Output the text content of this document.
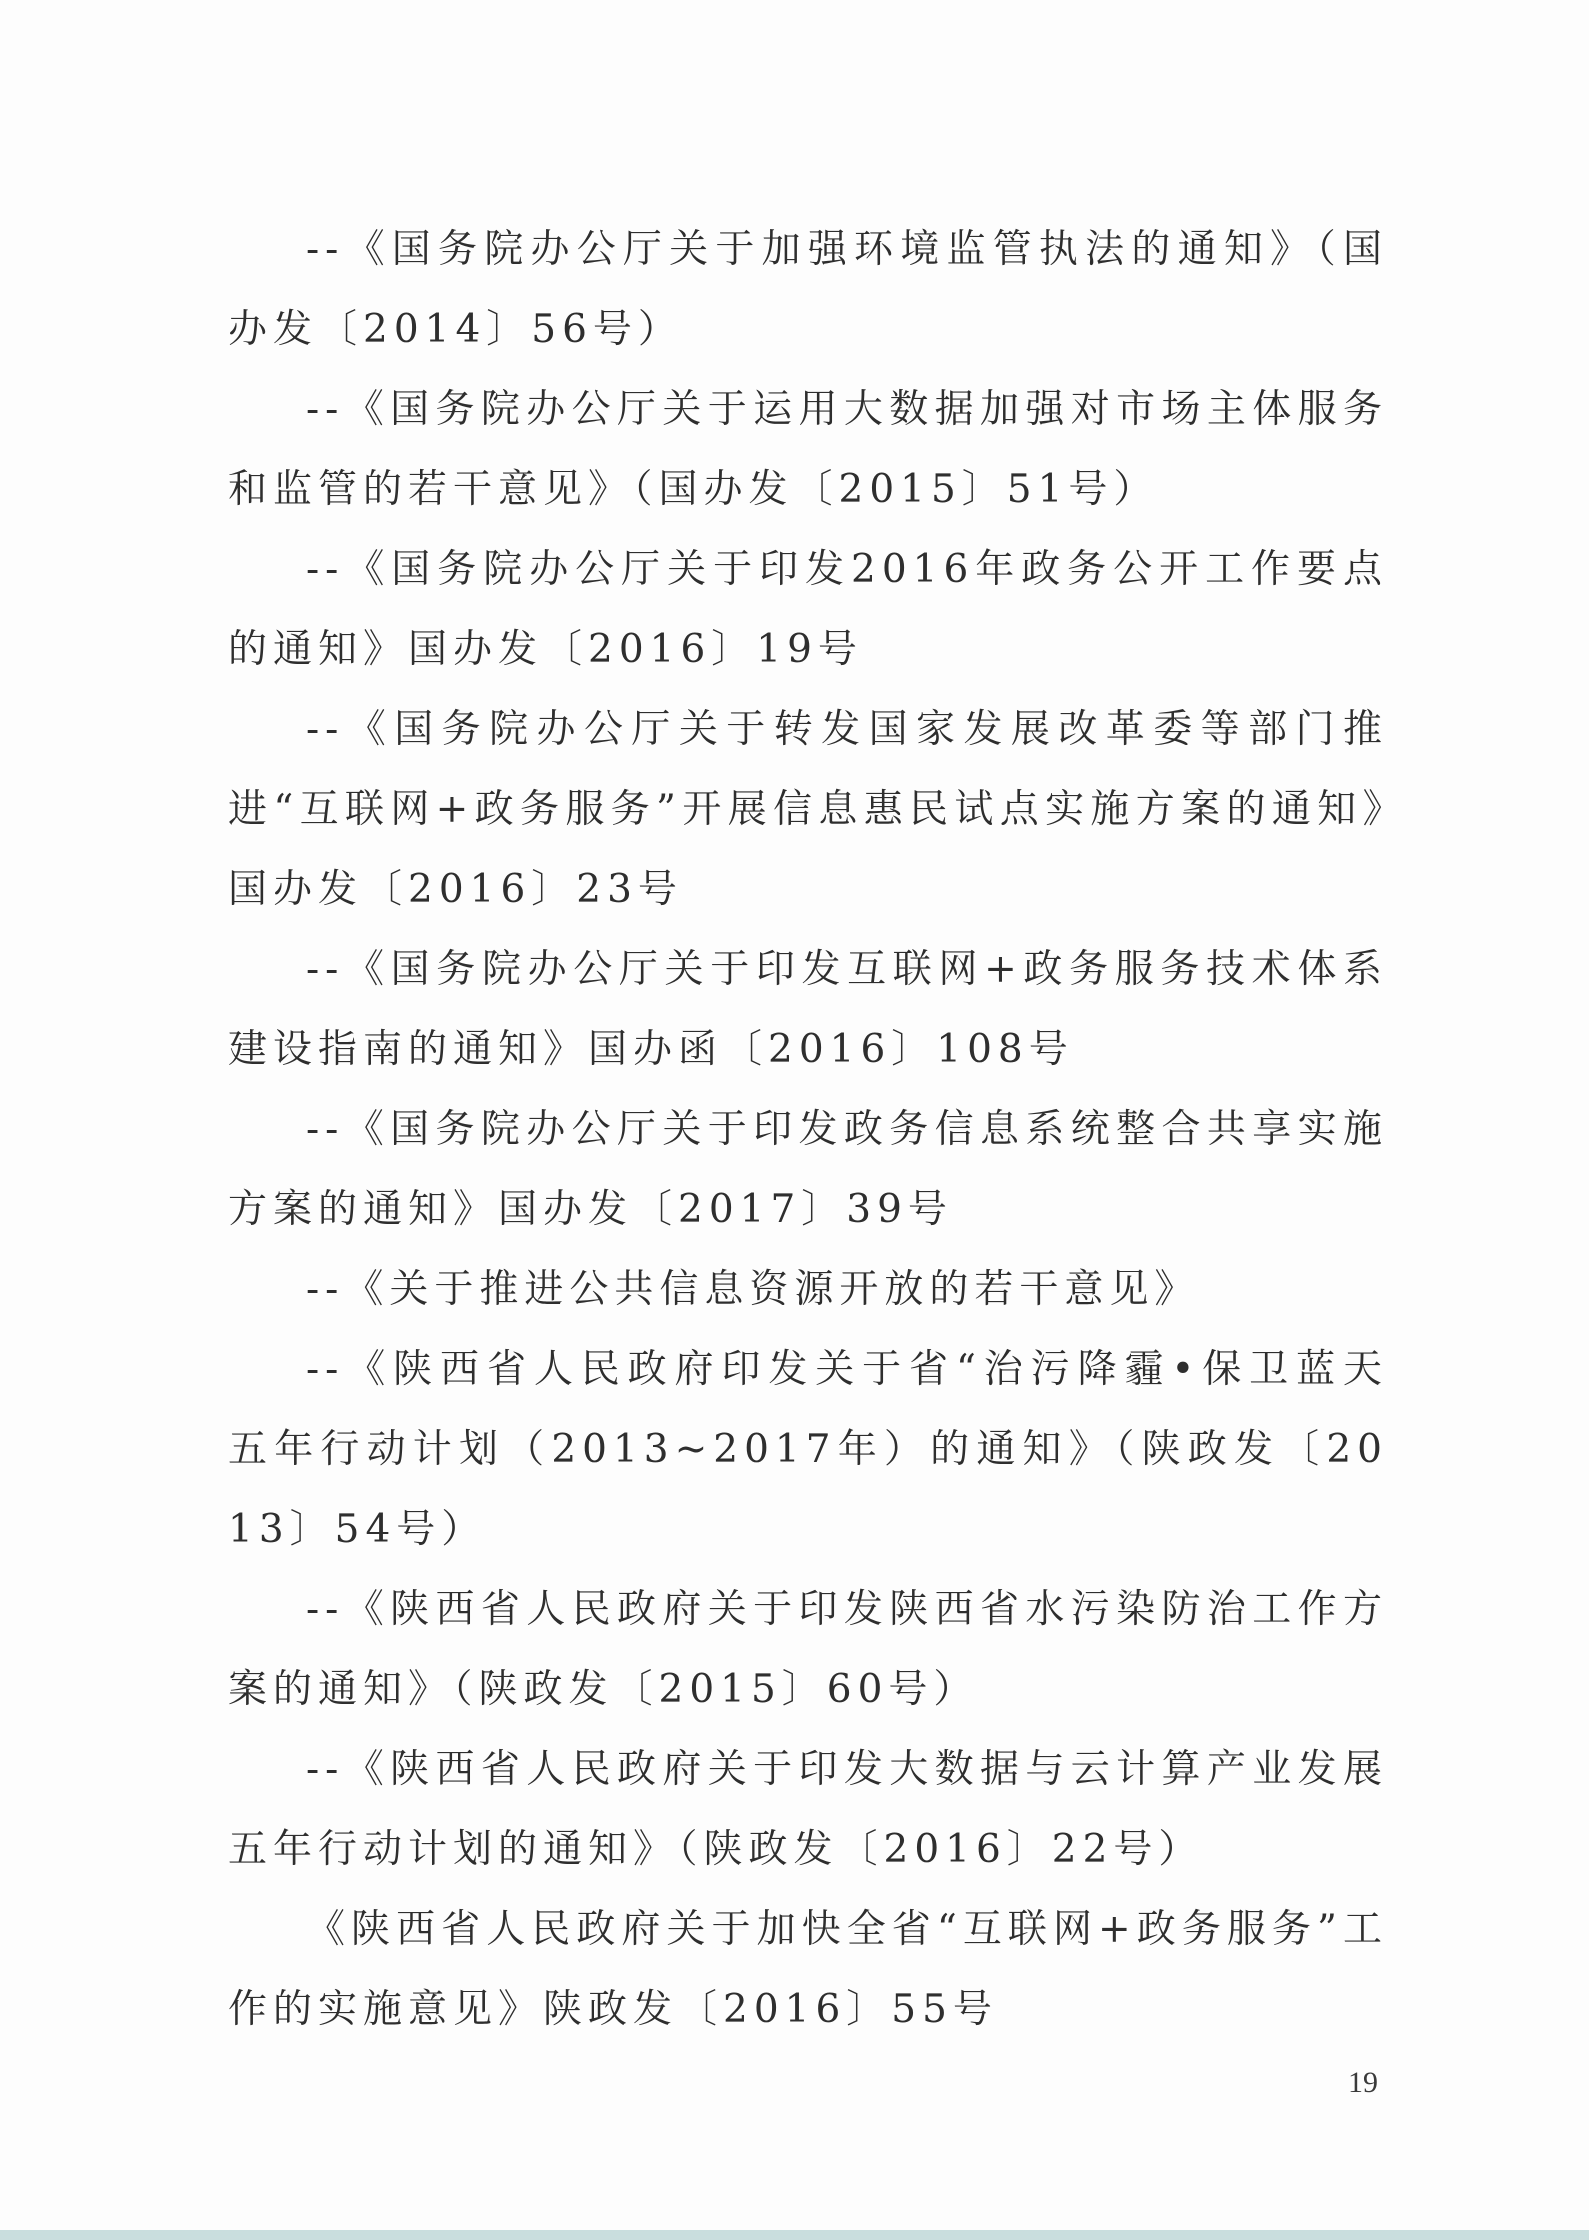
--《国务院办公厅关于加强环境监管执法的通知》（国办发〔2014〕56号）

--《国务院办公厅关于运用大数据加强对市场主体服务和监管的若干意见》（国办发〔2015〕51号）

--《国务院办公厅关于印发2016年政务公开工作要点的通知》国办发〔2016〕19号

--《国务院办公厅关于转发国家发展改革委等部门推进“互联网+政务服务”开展信息惠民试点实施方案的通知》国办发〔2016〕23号

--《国务院办公厅关于印发互联网+政务服务技术体系建设指南的通知》国办函〔2016〕108号

--《国务院办公厅关于印发政务信息系统整合共享实施方案的通知》国办发〔2017〕39号

--《关于推进公共信息资源开放的若干意见》

--《陕西省人民政府印发关于省“治污降霾•保卫蓝天五年行动计划（2013~2017年）的通知》（陕政发〔2013〕54号）

--《陕西省人民政府关于印发陕西省水污染防治工作方案的通知》（陕政发〔2015〕60号）

--《陕西省人民政府关于印发大数据与云计算产业发展五年行动计划的通知》（陕政发〔2016〕22号）

《陕西省人民政府关于加快全省“互联网+政务服务”工作的实施意见》陕政发〔2016〕55号

19
